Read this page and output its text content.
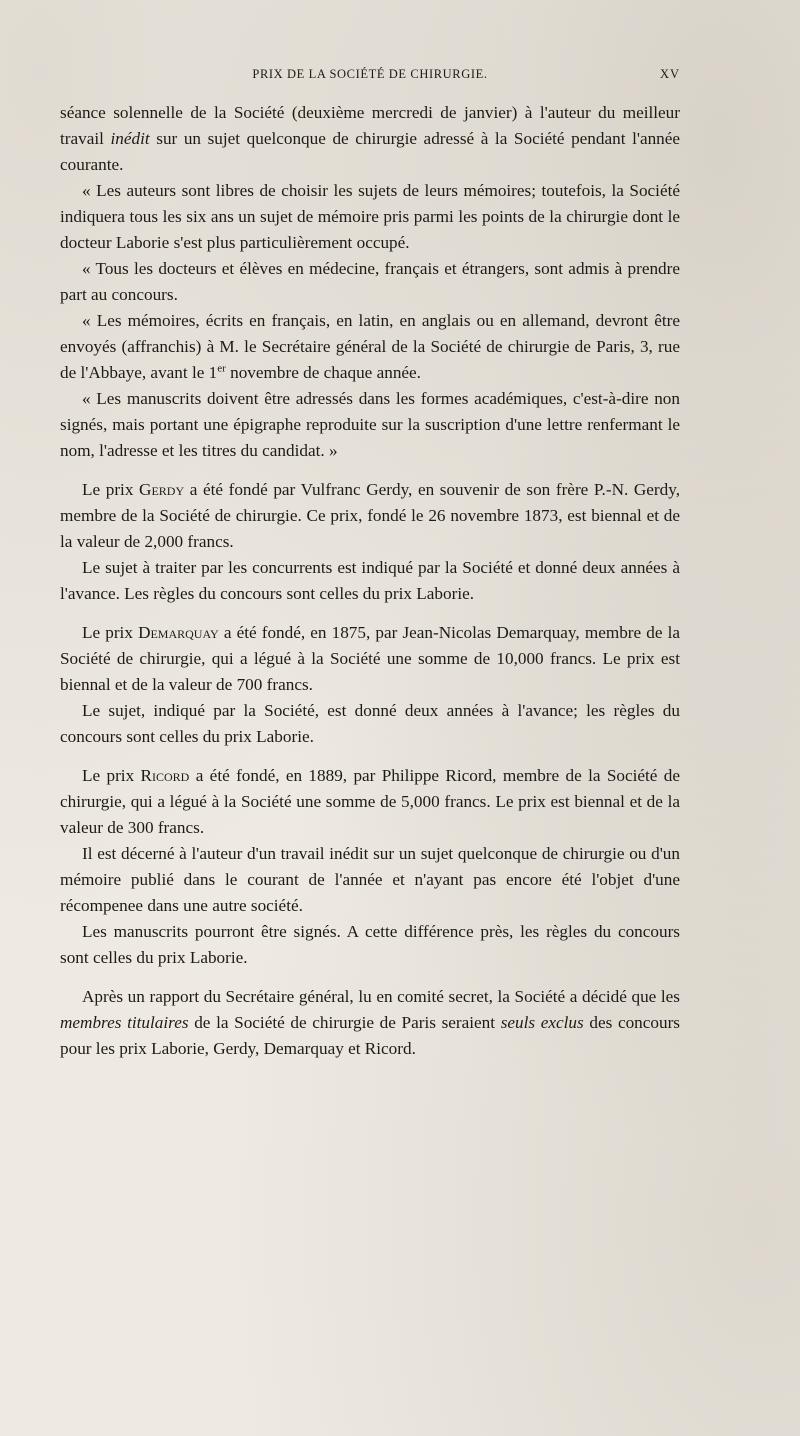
PRIX DE LA SOCIÉTÉ DE CHIRURGIE.	XV

séance solennelle de la Société (deuxième mercredi de janvier) à l'auteur du meilleur travail inédit sur un sujet quelconque de chirurgie adressé à la Société pendant l'année courante.

« Les auteurs sont libres de choisir les sujets de leurs mémoires; toutefois, la Société indiquera tous les six ans un sujet de mémoire pris parmi les points de la chirurgie dont le docteur Laborie s'est plus particulièrement occupé.

« Tous les docteurs et élèves en médecine, français et étrangers, sont admis à prendre part au concours.

« Les mémoires, écrits en français, en latin, en anglais ou en allemand, devront être envoyés (affranchis) à M. le Secrétaire général de la Société de chirurgie de Paris, 3, rue de l'Abbaye, avant le 1er novembre de chaque année.

« Les manuscrits doivent être adressés dans les formes académiques, c'est-à-dire non signés, mais portant une épigraphe reproduite sur la suscription d'une lettre renfermant le nom, l'adresse et les titres du candidat. »

Le prix Gerdy a été fondé par Vulfranc Gerdy, en souvenir de son frère P.-N. Gerdy, membre de la Société de chirurgie. Ce prix, fondé le 26 novembre 1873, est biennal et de la valeur de 2,000 francs.

Le sujet à traiter par les concurrents est indiqué par la Société et donné deux années à l'avance. Les règles du concours sont celles du prix Laborie.

Le prix Demarquay a été fondé, en 1875, par Jean-Nicolas Demarquay, membre de la Société de chirurgie, qui a légué à la Société une somme de 10,000 francs. Le prix est biennal et de la valeur de 700 francs.

Le sujet, indiqué par la Société, est donné deux années à l'avance; les règles du concours sont celles du prix Laborie.

Le prix Ricord a été fondé, en 1889, par Philippe Ricord, membre de la Société de chirurgie, qui a légué à la Société une somme de 5,000 francs. Le prix est biennal et de la valeur de 300 francs.

Il est décerné à l'auteur d'un travail inédit sur un sujet quelconque de chirurgie ou d'un mémoire publié dans le courant de l'année et n'ayant pas encore été l'objet d'une récompenee dans une autre société.

Les manuscrits pourront être signés. A cette différence près, les règles du concours sont celles du prix Laborie.

Après un rapport du Secrétaire général, lu en comité secret, la Société a décidé que les membres titulaires de la Société de chirurgie de Paris seraient seuls exclus des concours pour les prix Laborie, Gerdy, Demarquay et Ricord.
